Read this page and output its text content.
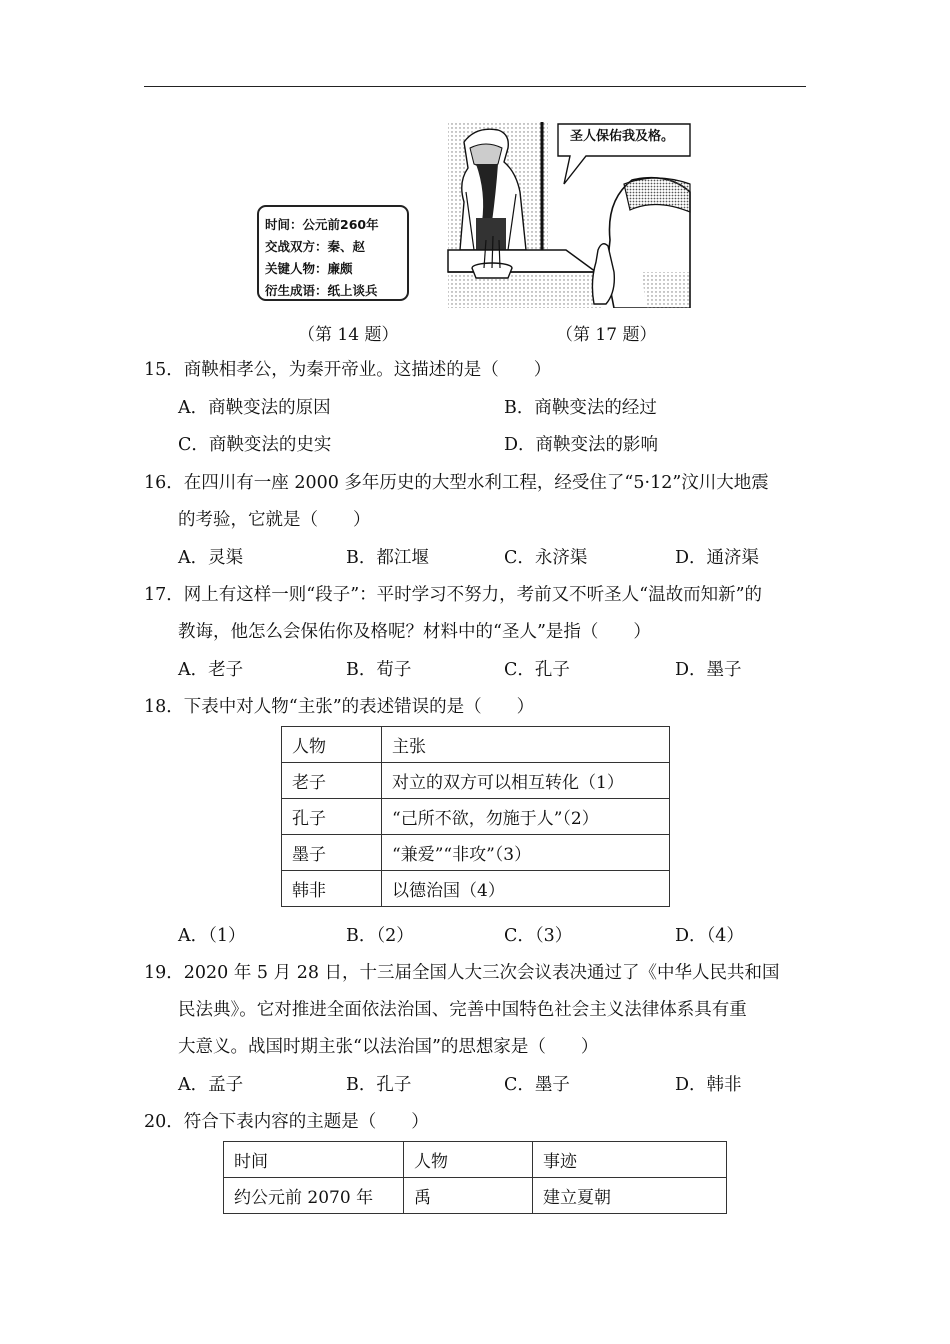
时间：公元前260年
交战双方：秦、赵
关键人物：廉颇
衍生成语：纸上谈兵
圣人保佑我及格。
（第 14 题）	（第 17 题）
15．商鞅相孝公，为秦开帝业。这描述的是（　　）
A．商鞅变法的原因	B．商鞅变法的经过
C．商鞅变法的史实	D．商鞅变法的影响
16．在四川有一座 2000 多年历史的大型水利工程，经受住了“5·12”汶川大地震
的考验，它就是（　　）
A．灵渠	B．都江堰	C．永济渠	D．通济渠
17．网上有这样一则“段子”：平时学习不努力，考前又不听圣人“温故而知新”的
教诲，他怎么会保佑你及格呢？材料中的“圣人”是指（　　）
A．老子	B．荀子	C．孔子	D．墨子
18．下表中对人物“主张”的表述错误的是（　　）
人物	主张
老子	对立的双方可以相互转化（1）
孔子	“己所不欲，勿施于人”（2）
墨子	“兼爱”“非攻”（3）
韩非	以德治国（4）
A．（1）	B．（2）	C．（3）	D．（4）
19．2020 年 5 月 28 日，十三届全国人大三次会议表决通过了《中华人民共和国
民法典》。它对推进全面依法治国、完善中国特色社会主义法律体系具有重
大意义。战国时期主张“以法治国”的思想家是（　　）
A．孟子	B．孔子	C．墨子	D．韩非
20．符合下表内容的主题是（　　）
时间	人物	事迹
约公元前 2070 年	禹	建立夏朝
